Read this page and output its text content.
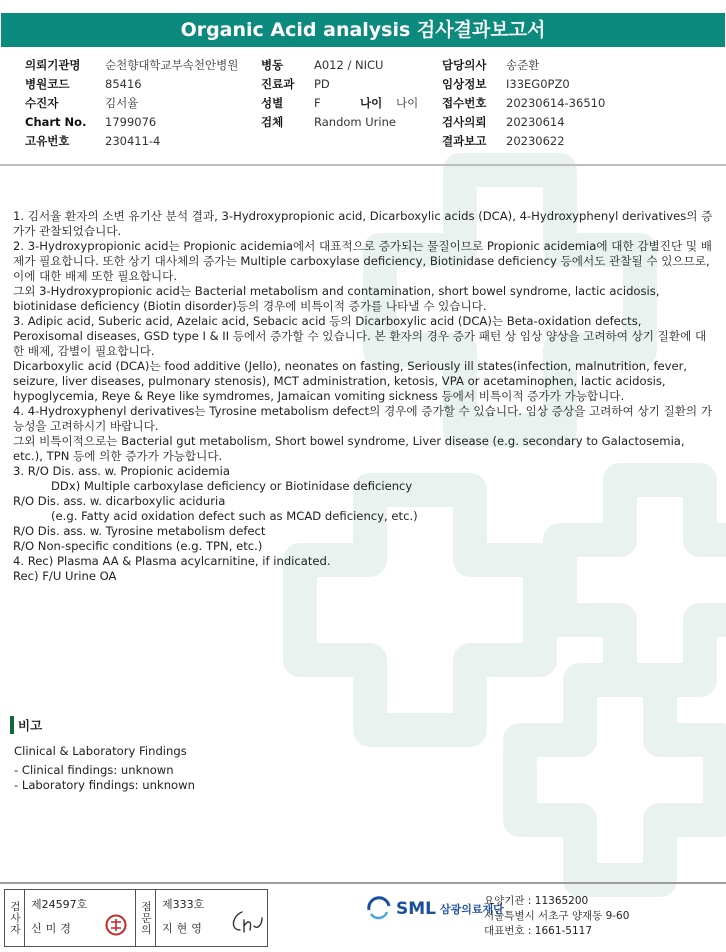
Organic Acid analysis 검사결과보고서
의뢰기관명 순천향대학교부속천안병원 병동	A012 / NICU	담당의사 송준환
병원코드	85416	진료과 PD	임상정보 I33EG0PZ0
수진자	김서율	성별	F	나이 나이 접수번호 20230614-36510
Chart No. 1799076	검체	Random Urine	검사의뢰 20230614
고유번호	230411-4	결과보고 20230622

1. 김서율 환자의 소변 유기산 분석 결과, 3-Hydroxypropionic acid, Dicarboxylic acids (DCA), 4-Hydroxyphenyl derivatives의 증가가 관찰되었습니다.

2. 3-Hydroxypropionic acid는 Propionic acidemia에서 대표적으로 증가되는 물질이므로 Propionic acidemia에 대한 감별진단 및 배제가 필요합니다. 또한 상기 대사체의 증가는 Multiple carboxylase deficiency, Biotinidase deficiency 등에서도 관찰될 수 있으므로, 이에 대한 배제 또한 필요합니다.

그외 3-Hydroxypropionic acid는 Bacterial metabolism and contamination, short bowel syndrome, lactic acidosis, biotinidase deficiency (Biotin disorder)등의 경우에 비특이적 증가를 나타낼 수 있습니다.

3. Adipic acid, Suberic acid, Azelaic acid, Sebacic acid 등의 Dicarboxylic acid (DCA)는 Beta-oxidation defects, Peroxisomal diseases, GSD type I & II 등에서 증가할 수 있습니다. 본 환자의 경우 증가 패턴 상 임상 양상을 고려하여 상기 질환에 대한 배제, 감별이 필요합니다.

Dicarboxylic acid (DCA)는 food additive (Jello), neonates on fasting, Seriously ill states(infection, malnutrition, fever, seizure, liver diseases, pulmonary stenosis), MCT administration, ketosis, VPA or acetaminophen, lactic acidosis, hypoglycemia, Reye & Reye like symdromes, Jamaican vomiting sickness 등에서 비특이적 증가가 가능합니다.

4. 4-Hydroxyphenyl derivatives는 Tyrosine metabolism defect의 경우에 증가할 수 있습니다. 임상 증상을 고려하여 상기 질환의 가능성을 고려하시기 바랍니다.

그외 비특이적으로는 Bacterial gut metabolism, Short bowel syndrome, Liver disease (e.g. secondary to Galactosemia, etc.), TPN 등에 의한 증가가 가능합니다.

3. R/O Dis. ass. w. Propionic acidemia

DDx) Multiple carboxylase deficiency or Biotinidase deficiency

R/O Dis. ass. w. dicarboxylic aciduria

(e.g. Fatty acid oxidation defect such as MCAD deficiency, etc.)

R/O Dis. ass. w. Tyrosine metabolism defect

R/O Non-specific conditions (e.g. TPN, etc.)

4. Rec) Plasma AA & Plasma acylcarnitine, if indicated.

Rec) F/U Urine OA

비고

Clinical & Laboratory Findings

- Clinical findings: unknown

- Laboratory findings: unknown

검사자 제24597호
신미경	점문의 제333호
지현영
SML 삼광의료재단
요양기관 : 11365200
서울특별시 서초구 양재동 9-60
대표번호 : 1661-5117
